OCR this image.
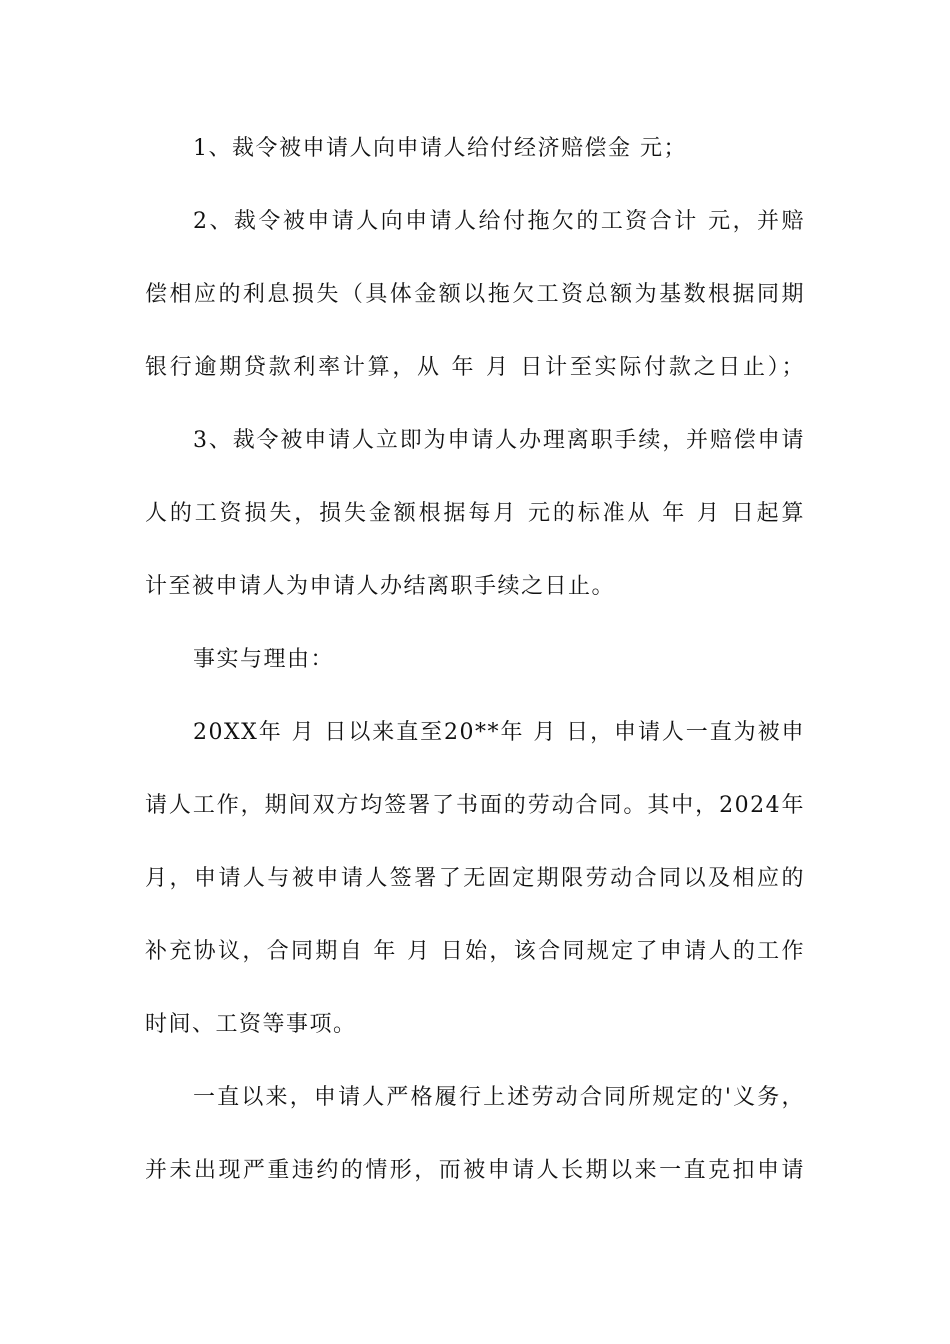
1、裁令被申请人向申请人给付经济赔偿金 元；
2、裁令被申请人向申请人给付拖欠的工资合计 元，并赔
偿相应的利息损失（具体金额以拖欠工资总额为基数根据同期
银行逾期贷款利率计算，从 年 月 日计至实际付款之日止）；
3、裁令被申请人立即为申请人办理离职手续，并赔偿申请
人的工资损失，损失金额根据每月 元的标准从 年 月 日起算
计至被申请人为申请人办结离职手续之日止。
事实与理由：
20XX年 月 日以来直至20**年 月 日，申请人一直为被申
请人工作，期间双方均签署了书面的劳动合同。其中，2024年
月，申请人与被申请人签署了无固定期限劳动合同以及相应的
补充协议，合同期自 年 月 日始，该合同规定了申请人的工作
时间、工资等事项。
一直以来，申请人严格履行上述劳动合同所规定的'义务，
并未出现严重违约的情形，而被申请人长期以来一直克扣申请
